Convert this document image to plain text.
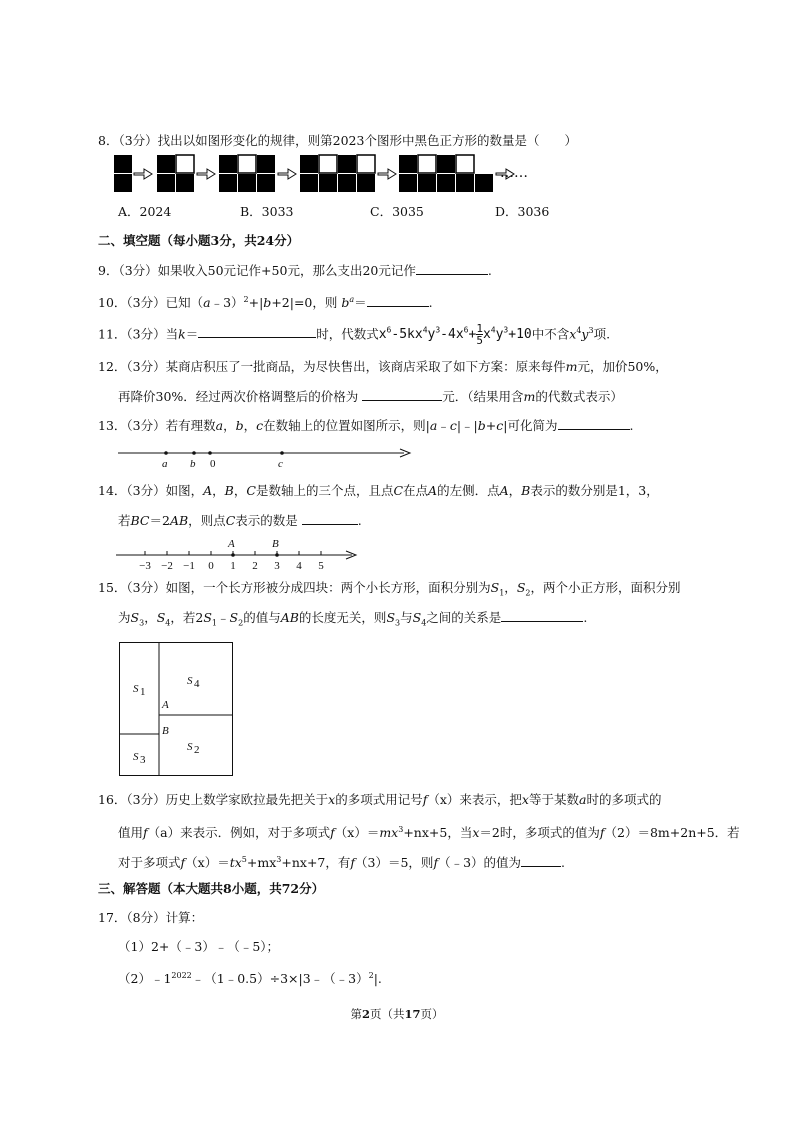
8．（3分）找出以如图形变化的规律，则第2023个图形中黑色正方形的数量是（　　）
……
A．2024	B．3033	C．3035	D．3036
二、填空题（每小题3分，共24分）
9．（3分）如果收入50元记作+50元，那么支出20元记作	.
10．（3分）已知（a﹣3）$^2$+|b+2|=0，则 $b^a=$	.
11．（3分）当k＝	时，代数式$x^6-5kx^4y^3-4x^6+ \frac{1}{5} x^4y^3+10$中不含$x^4y^3$项.
12．（3分）某商店积压了一批商品，为尽快售出，该商店采取了如下方案：原来每件m元，加价50%，
再降价30%．经过两次价格调整后的价格为	元．（结果用含m的代数式表示）
13．（3分）若有理数a，b，c在数轴上的位置如图所示，则|a﹣c|﹣|b+c|可化简为	.
a b 0	c
14．（3分）如图，A，B，C是数轴上的三个点，且点C在点A的左侧．点A，B表示的数分别是1，3，
若BC＝2AB，则点C表示的数是	.
−3 −2 −1 0 1 2 3 4 5
A	B
15．（3分）如图，一个长方形被分成四块：两个小长方形，面积分别为$S_1$，$S_2$，两个小正方形，面积分别
为$S_3$，$S_4$，若$2S_1﹣S_2$的值与AB的长度无关，则$S_3$与$S_4$之间的关系是	.
S 1
S 4
A
B
S 2
S 3
16．（3分）历史上数学家欧拉最先把关于x的多项式用记号f（x）来表示，把x等于某数a时的多项式的
值用f（a）来表示．例如，对于多项式$f(x)=mx^3+nx+5$，当x＝2时，多项式的值为f（2）＝8m+2n+5．若
对于多项式$f(x)=tx^5+mx^3+nx+7$，有f（3）＝5，则f（﹣3）的值为	.
三、解答题（本大题共8小题，共72分）
17．（8分）计算：
（1）2+（﹣3）﹣（﹣5）；
$(2)﹣1^{2022}﹣(1﹣0.5)\div 3\times|3﹣(﹣3)^2|$.
第2页（共17页）
